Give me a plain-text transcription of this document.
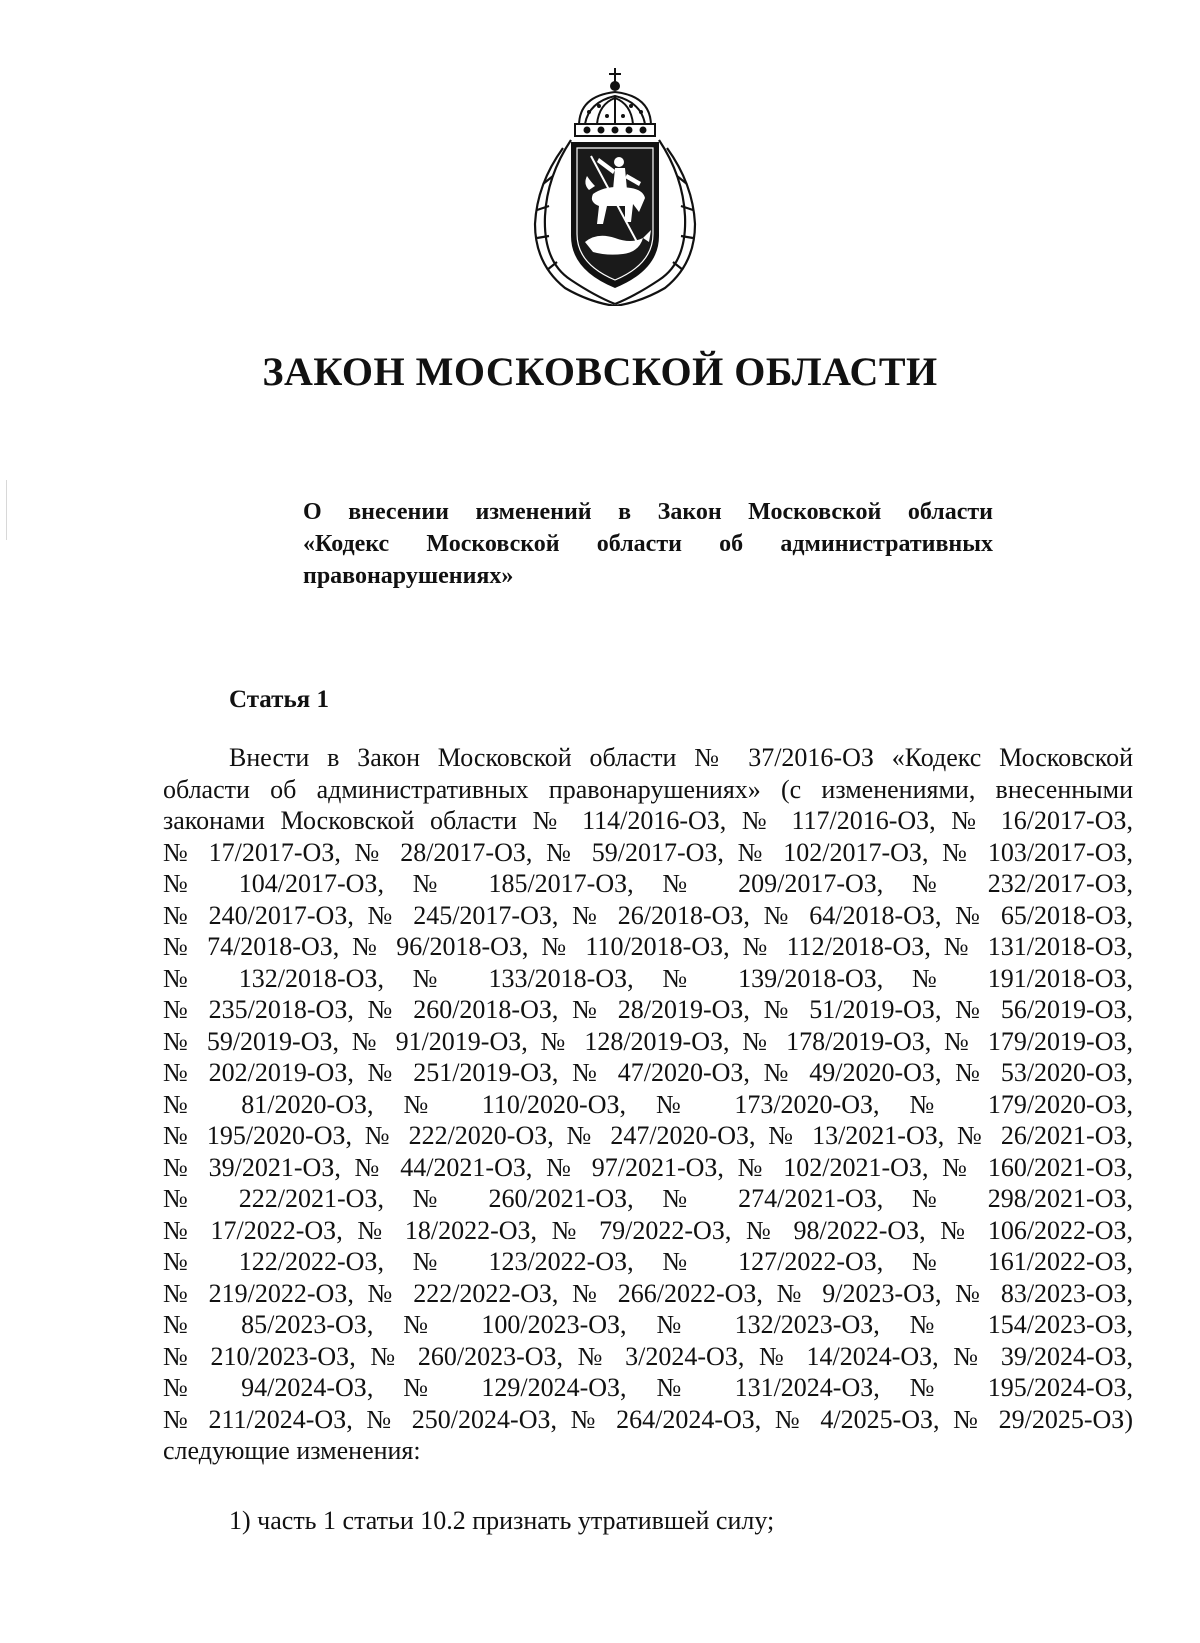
ЗАКОН МОСКОВСКОЙ ОБЛАСТИ
О внесении изменений в Закон Московской области
«Кодекс Московской области об административных
правонарушениях»
Статья 1
Внести в Закон Московской области № 37/2016-ОЗ «Кодекс Московской
области об административных правонарушениях» (с изменениями, внесенными
законами Московской области № 114/2016-ОЗ, № 117/2016-ОЗ, № 16/2017-ОЗ,
№ 17/2017-ОЗ, № 28/2017-ОЗ, № 59/2017-ОЗ, № 102/2017-ОЗ, № 103/2017-ОЗ,
№ 104/2017-ОЗ, № 185/2017-ОЗ, № 209/2017-ОЗ, № 232/2017-ОЗ,
№ 240/2017-ОЗ, № 245/2017-ОЗ, № 26/2018-ОЗ, № 64/2018-ОЗ, № 65/2018-ОЗ,
№ 74/2018-ОЗ, № 96/2018-ОЗ, № 110/2018-ОЗ, № 112/2018-ОЗ, № 131/2018-ОЗ,
№ 132/2018-ОЗ, № 133/2018-ОЗ, № 139/2018-ОЗ, № 191/2018-ОЗ,
№ 235/2018-ОЗ, № 260/2018-ОЗ, № 28/2019-ОЗ, № 51/2019-ОЗ, № 56/2019-ОЗ,
№ 59/2019-ОЗ, № 91/2019-ОЗ, № 128/2019-ОЗ, № 178/2019-ОЗ, № 179/2019-ОЗ,
№ 202/2019-ОЗ, № 251/2019-ОЗ, № 47/2020-ОЗ, № 49/2020-ОЗ, № 53/2020-ОЗ,
№ 81/2020-ОЗ, № 110/2020-ОЗ, № 173/2020-ОЗ, № 179/2020-ОЗ,
№ 195/2020-ОЗ, № 222/2020-ОЗ, № 247/2020-ОЗ, № 13/2021-ОЗ, № 26/2021-ОЗ,
№ 39/2021-ОЗ, № 44/2021-ОЗ, № 97/2021-ОЗ, № 102/2021-ОЗ, № 160/2021-ОЗ,
№ 222/2021-ОЗ, № 260/2021-ОЗ, № 274/2021-ОЗ, № 298/2021-ОЗ,
№ 17/2022-ОЗ, № 18/2022-ОЗ, № 79/2022-ОЗ, № 98/2022-ОЗ, № 106/2022-ОЗ,
№ 122/2022-ОЗ, № 123/2022-ОЗ, № 127/2022-ОЗ, № 161/2022-ОЗ,
№ 219/2022-ОЗ, № 222/2022-ОЗ, № 266/2022-ОЗ, № 9/2023-ОЗ, № 83/2023-ОЗ,
№ 85/2023-ОЗ, № 100/2023-ОЗ, № 132/2023-ОЗ, № 154/2023-ОЗ,
№ 210/2023-ОЗ, № 260/2023-ОЗ, № 3/2024-ОЗ, № 14/2024-ОЗ, № 39/2024-ОЗ,
№ 94/2024-ОЗ, № 129/2024-ОЗ, № 131/2024-ОЗ, № 195/2024-ОЗ,
№ 211/2024-ОЗ, № 250/2024-ОЗ, № 264/2024-ОЗ, № 4/2025-ОЗ, № 29/2025-ОЗ)
следующие изменения:

1) часть 1 статьи 10.2 признать утратившей силу;
